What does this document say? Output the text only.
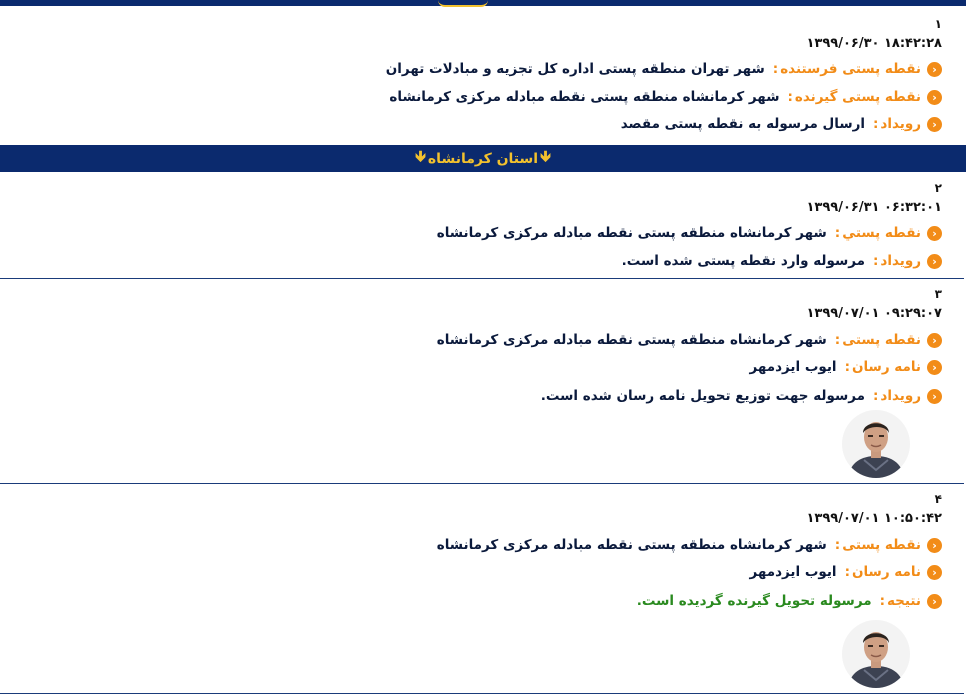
۱
۱۳۹۹/۰۶/۳۰ ۱۸:۴۲:۲۸
‹
نقطه پستی فرستنده
:
شهر تهران منطقه پستی اداره کل تجزیه و مبادلات تهران
‹
نقطه پستی گیرنده
:
شهر کرمانشاه منطقه پستی نقطه مبادله مرکزی کرمانشاه
‹
رویداد
:
ارسال مرسوله به نقطه پستی مقصد
🡻
استان کرمانشاه
🡻
۲
۱۳۹۹/۰۶/۳۱ ۰۶:۳۲:۰۱
‹
نقطه پستي
:
شهر کرمانشاه منطقه پستی نقطه مبادله مرکزی کرمانشاه
‹
رویداد
:
مرسوله وارد نقطه پستی شده است.
۳
۱۳۹۹/۰۷/۰۱ ۰۹:۲۹:۰۷
‹
نقطه پستی
:
شهر کرمانشاه منطقه پستی نقطه مبادله مرکزی کرمانشاه
‹
نامه رسان
:
ایوب ایزدمهر
‹
رویداد
:
مرسوله جهت توزیع تحویل نامه رسان شده است.
۴
۱۳۹۹/۰۷/۰۱ ۱۰:۵۰:۴۲
‹
نقطه پستی
:
شهر کرمانشاه منطقه پستی نقطه مبادله مرکزی کرمانشاه
‹
نامه رسان
:
ایوب ایزدمهر
‹
نتیجه
:
مرسوله تحویل گیرنده گردیده است.
